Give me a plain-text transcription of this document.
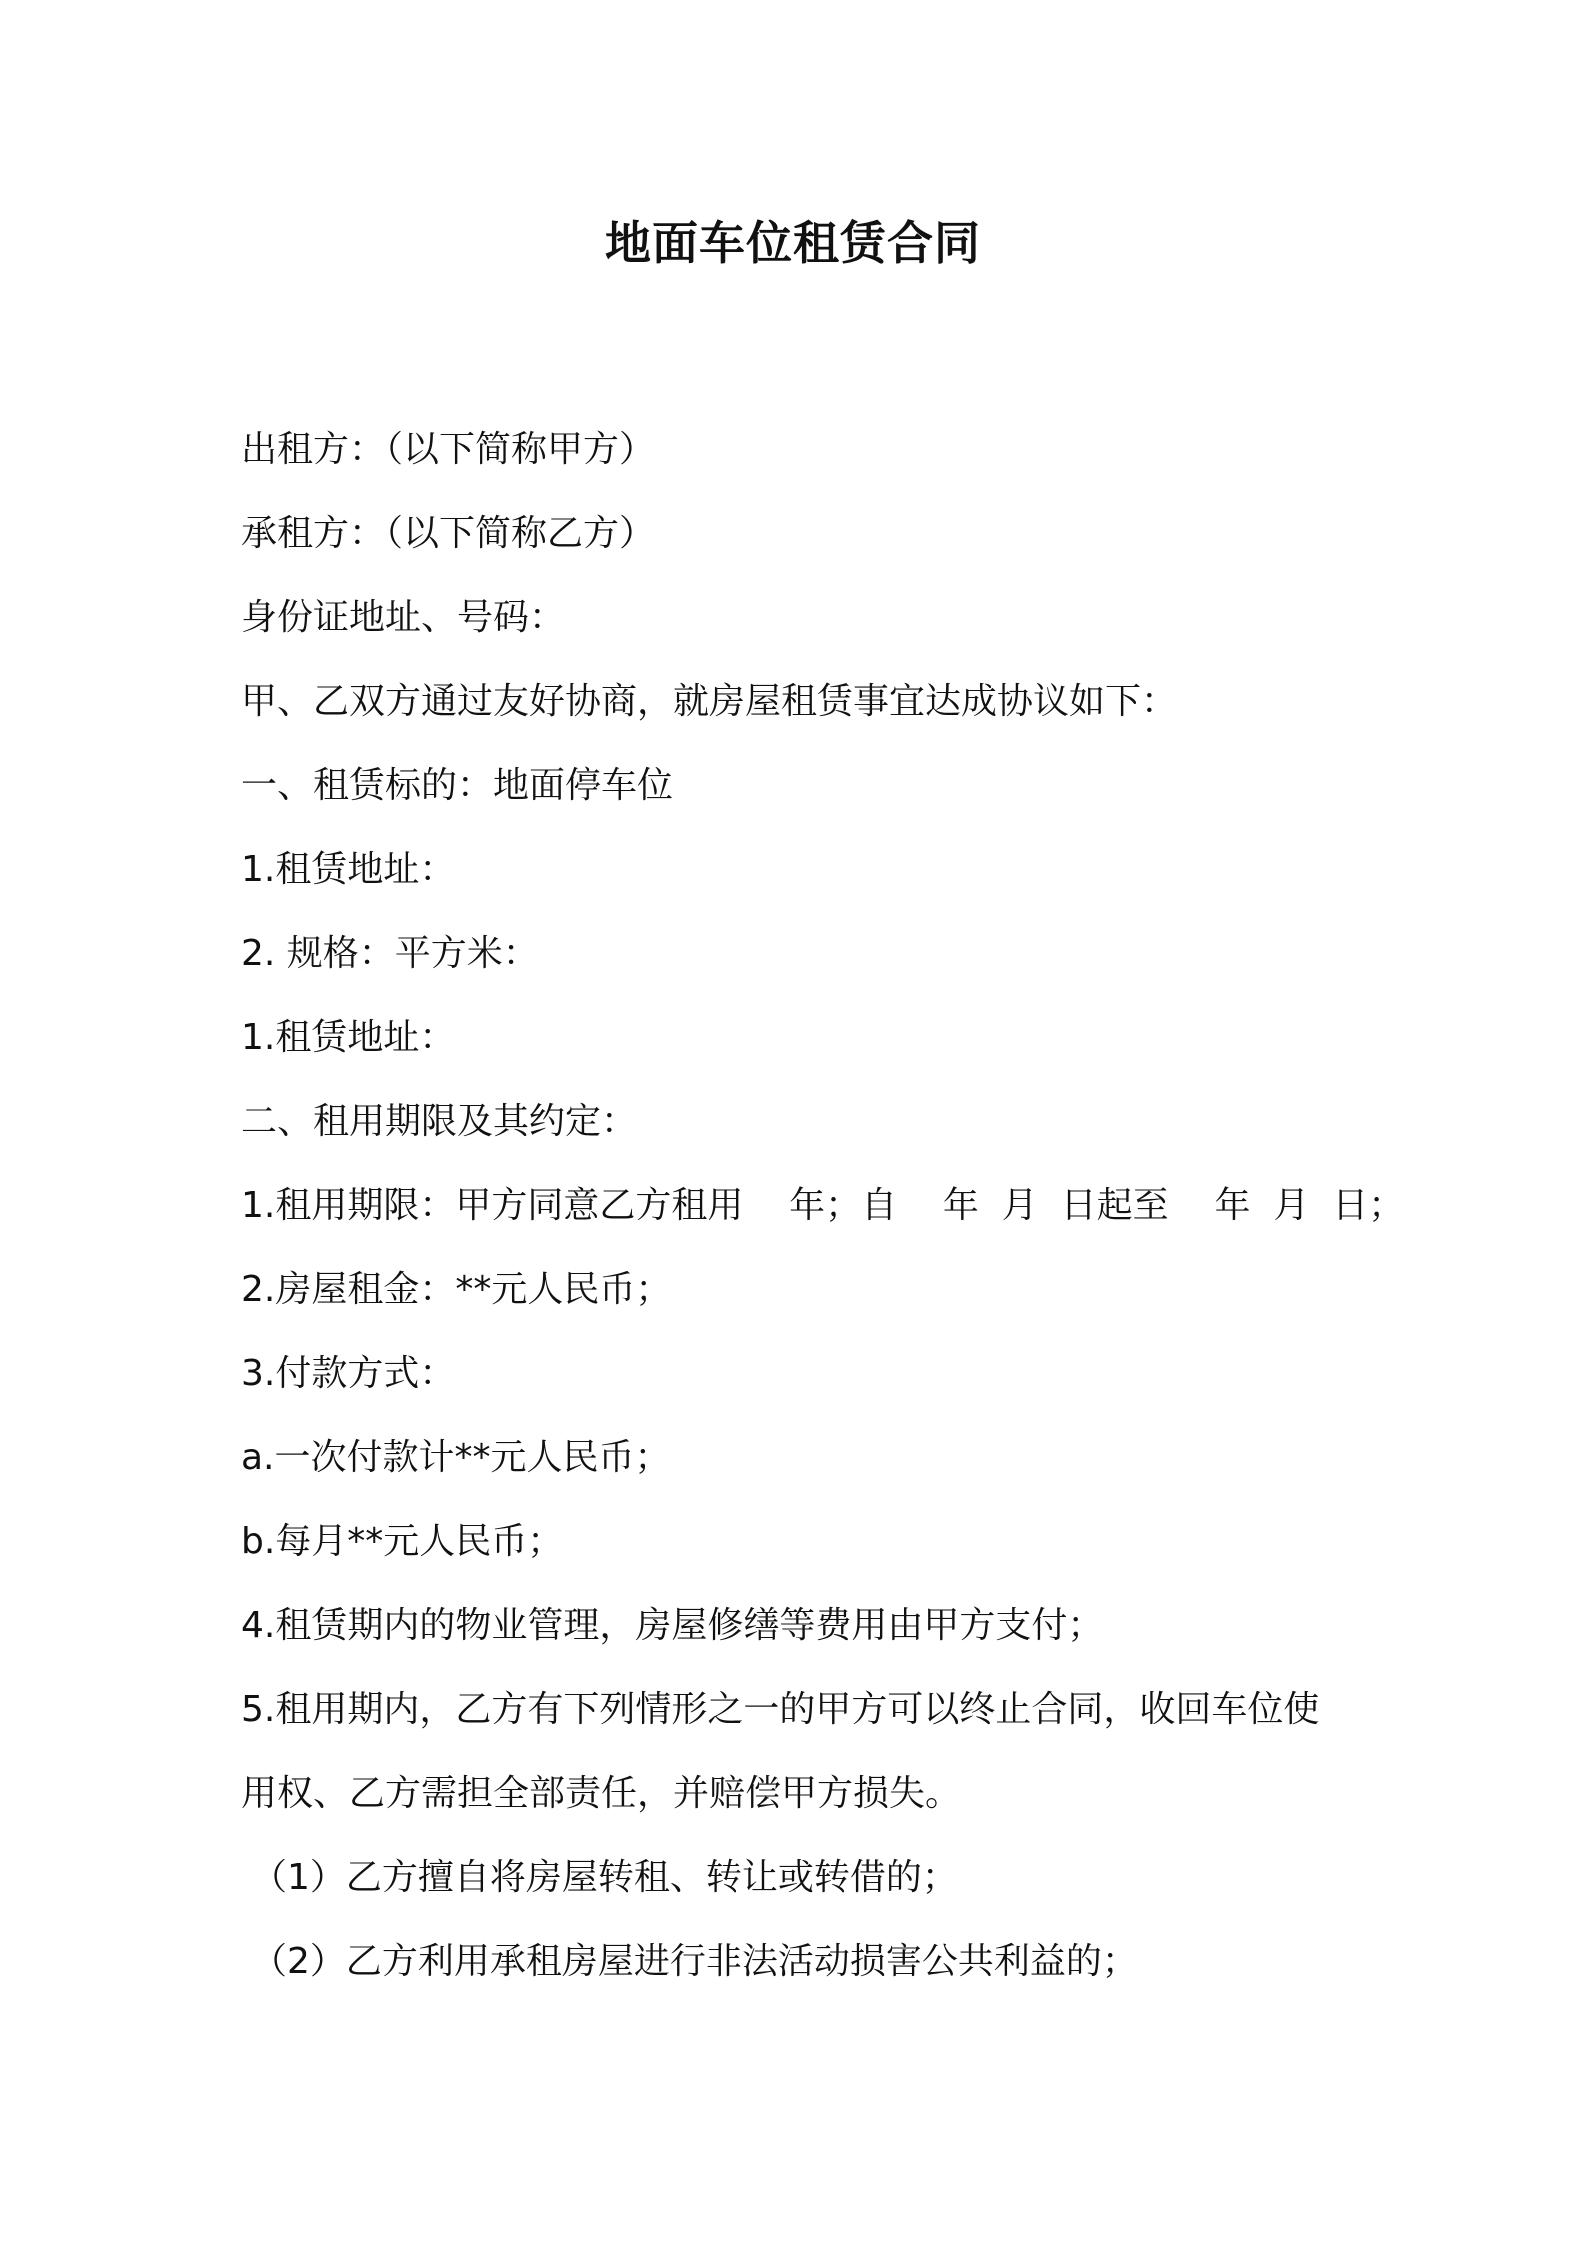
地面车位租赁合同
出租方：（以下简称甲方）
承租方：（以下简称乙方）
身份证地址、号码：
甲、乙双方通过友好协商，就房屋租赁事宜达成协议如下：
一、租赁标的：地面停车位
1.租赁地址：
2. 规格：平方米：
1.租赁地址：
二、租用期限及其约定：
1.租用期限：甲方同意乙方租用    年；自    年  月  日起至    年  月  日；
2.房屋租金：**元人民币；
3.付款方式：
a.一次付款计**元人民币；
b.每月**元人民币；
4.租赁期内的物业管理，房屋修缮等费用由甲方支付；
5.租用期内，乙方有下列情形之一的甲方可以终止合同，收回车位使
用权、乙方需担全部责任，并赔偿甲方损失。
（1）乙方擅自将房屋转租、转让或转借的；
（2）乙方利用承租房屋进行非法活动损害公共利益的；
